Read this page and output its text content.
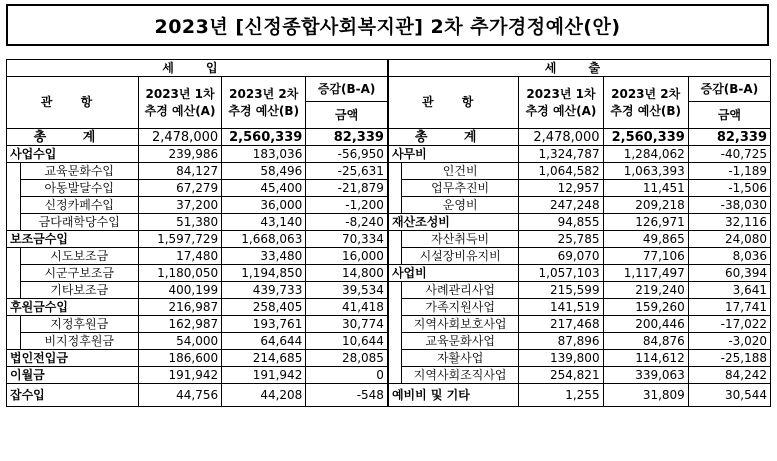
2023년 [신정종합사회복지관] 2차 추가경정예산(안)
세 입					세 출				
관 항		2023년 1차 추경 예산(A)	2023년 2차 추경 예산(B)	증감(B-A)	관 항		2023년 1차 추경 예산(A)	2023년 2차 추경 예산(B)	증감(B-A)
				금액					금액
총 계		2,478,000	2,560,339	82,339	총 계		2,478,000	2,560,339	82,339
사업수입		239,986	183,036	-56,950	사무비		1,324,787	1,284,062	-40,725
	교육문화수입	84,127	58,496	-25,631		인건비	1,064,582	1,063,393	-1,189
	아동발달수입	67,279	45,400	-21,879		업무추진비	12,957	11,451	-1,506
	신정카페수입	37,200	36,000	-1,200		운영비	247,248	209,218	-38,030
	금다래학당수입	51,380	43,140	-8,240	재산조성비		94,855	126,971	32,116
보조금수입		1,597,729	1,668,063	70,334		자산취득비	25,785	49,865	24,080
	시도보조금	17,480	33,480	16,000		시설장비유지비	69,070	77,106	8,036
	시군구보조금	1,180,050	1,194,850	14,800	사업비		1,057,103	1,117,497	60,394
	기타보조금	400,199	439,733	39,534		사례관리사업	215,599	219,240	3,641
후원금수입		216,987	258,405	41,418		가족지원사업	141,519	159,260	17,741
	지정후원금	162,987	193,761	30,774		지역사회보호사업	217,468	200,446	-17,022
	비지정후원금	54,000	64,644	10,644		교육문화사업	87,896	84,876	-3,020
법인전입금		186,600	214,685	28,085		자활사업	139,800	114,612	-25,188
이월금		191,942	191,942	0		지역사회조직사업	254,821	339,063	84,242
잡수입		44,756	44,208	-548	예비비 및 기타		1,255	31,809	30,544
